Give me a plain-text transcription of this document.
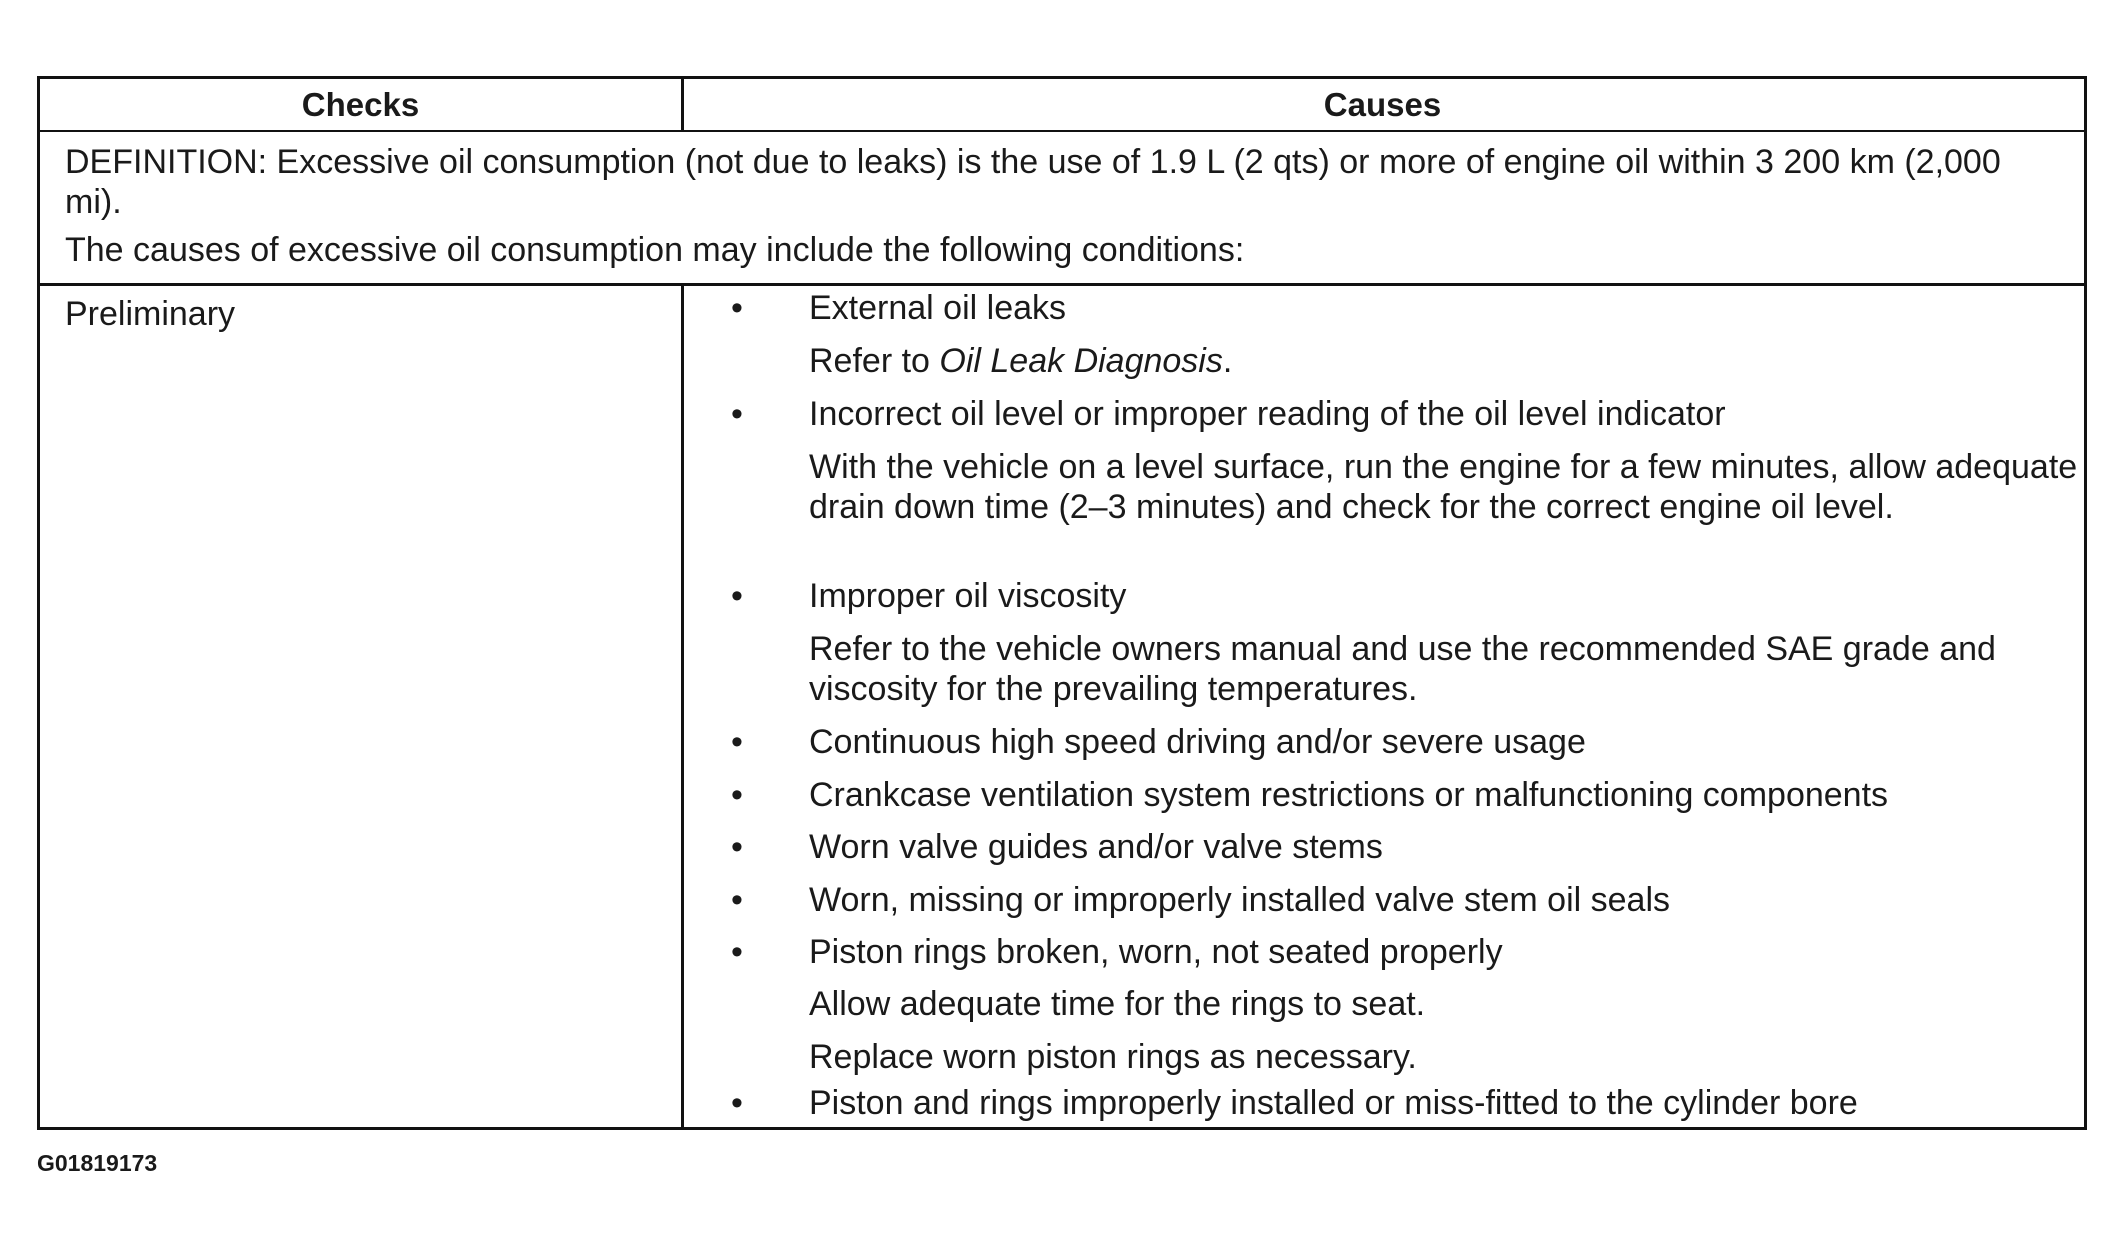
Checks	Causes

DEFINITION: Excessive oil consumption (not due to leaks) is the use of 1.9 L (2 qts) or more of engine oil within 3 200 km (2,000 mi).

The causes of excessive oil consumption may include the following conditions:

Preliminary	• External oil leaks
Refer to Oil Leak Diagnosis.
• Incorrect oil level or improper reading of the oil level indicator
With the vehicle on a level surface, run the engine for a few minutes, allow adequate drain down time (2–3 minutes) and check for the correct engine oil level.
• Improper oil viscosity
Refer to the vehicle owners manual and use the recommended SAE grade and viscosity for the prevailing temperatures.
• Continuous high speed driving and/or severe usage
• Crankcase ventilation system restrictions or malfunctioning components
• Worn valve guides and/or valve stems
• Worn, missing or improperly installed valve stem oil seals
• Piston rings broken, worn, not seated properly
Allow adequate time for the rings to seat.
Replace worn piston rings as necessary.
• Piston and rings improperly installed or miss-fitted to the cylinder bore
G01819173
